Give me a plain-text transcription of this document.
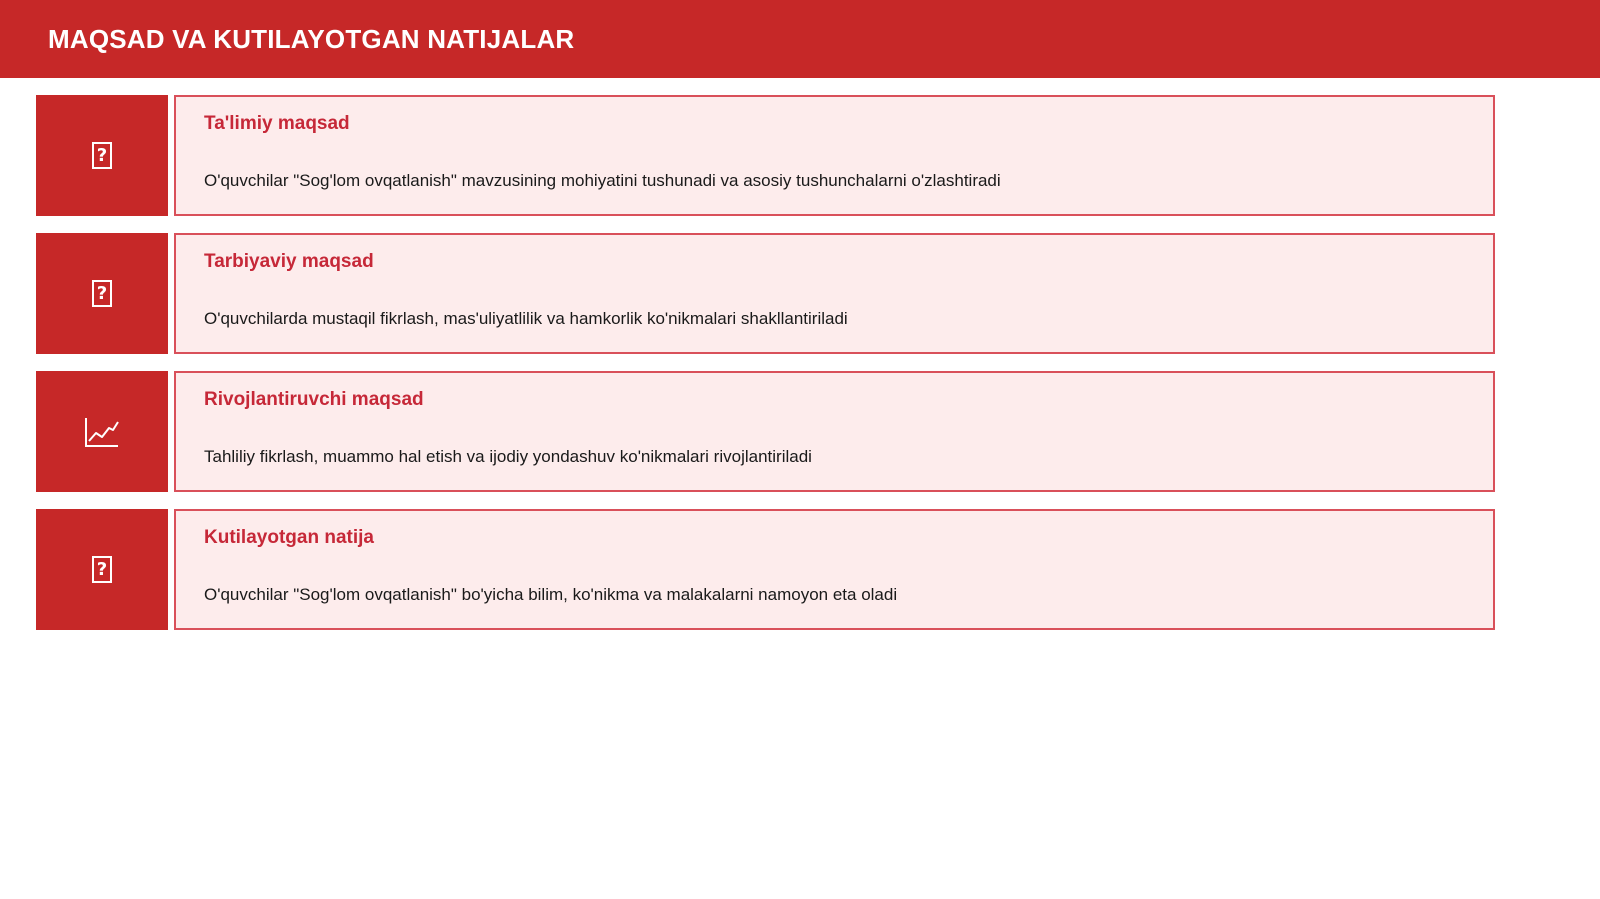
MAQSAD VA KUTILAYOTGAN NATIJALAR
?
Ta'limiy maqsad
O'quvchilar "Sog'lom ovqatlanish" mavzusining mohiyatini tushunadi va asosiy tushunchalarni o'zlashtiradi
?
Tarbiyaviy maqsad
O'quvchilarda mustaqil fikrlash, mas'uliyatlilik va hamkorlik ko'nikmalari shakllantiriladi
Rivojlantiruvchi maqsad
Tahliliy fikrlash, muammo hal etish va ijodiy yondashuv ko'nikmalari rivojlantiriladi
?
Kutilayotgan natija
O'quvchilar "Sog'lom ovqatlanish" bo'yicha bilim, ko'nikma va malakalarni namoyon eta oladi
